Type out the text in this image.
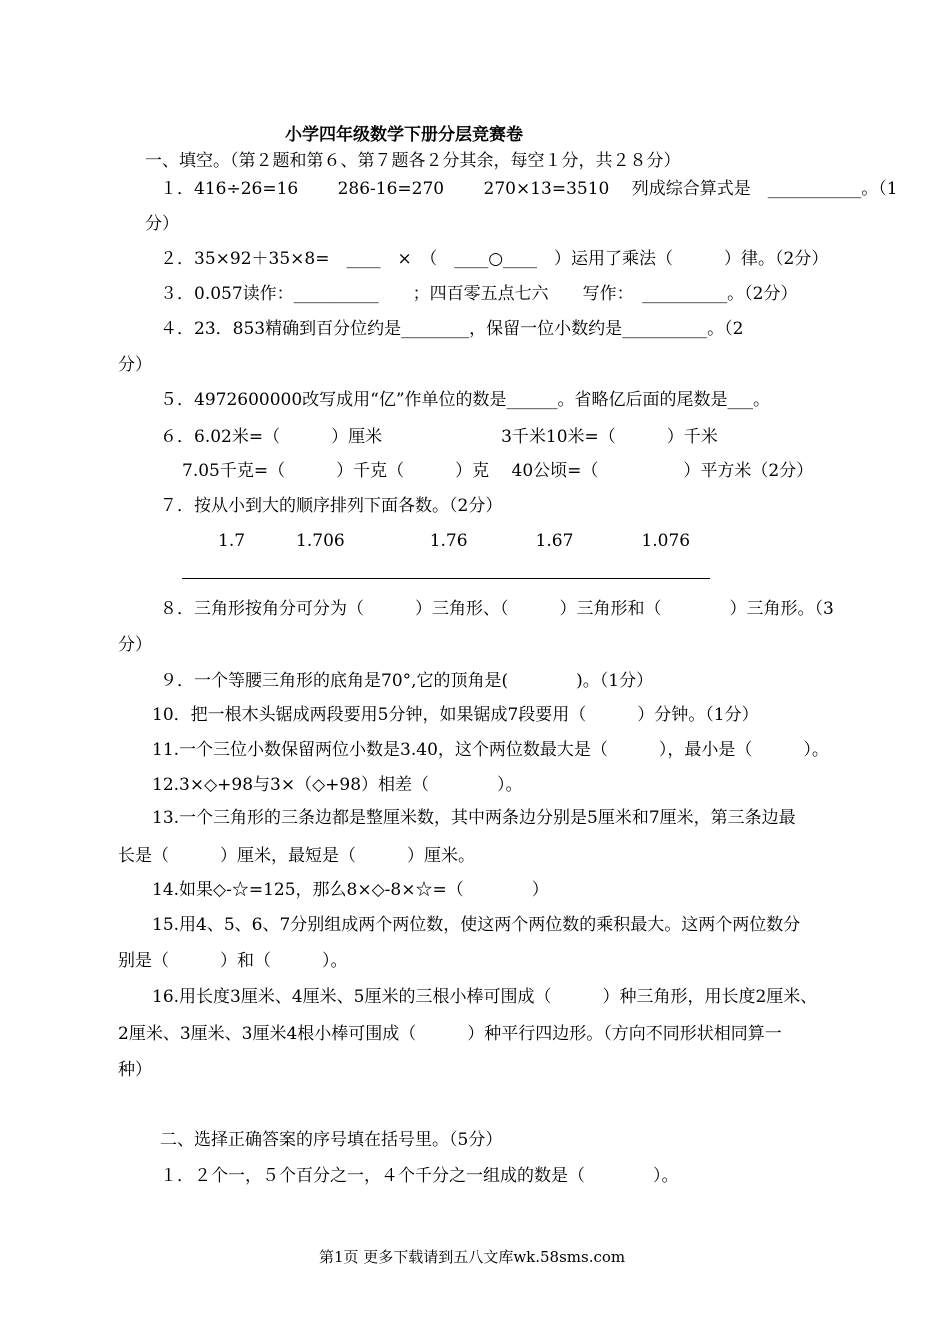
小学四年级数学下册分层竞赛卷
一、填空。（第２题和第６、第７题各２分其余，每空１分，共２８分）
１．416÷26=16　　 286-16=270　　 270×13=3510　 列成综合算式是　___________。（1
分）
２．35×92＋35×8=　____　×　（　____○____　）运用了乘法（　　　）律。（2分）
３．0.057读作：__________　　；四百零五点七六　　写作：　__________。（2分）
４．23．853精确到百分位约是________，保留一位小数约是__________。（2
分）
５．4972600000改写成用“亿”作单位的数是______。省略亿后面的尾数是___。
６．6.02米=（　　　）厘米　　　　　　　3千米10米=（　　　）千米
7.05千克=（　　　）千克（　　　）克　 40公顷=（　　　　　）平方米（2分）
７．按从小到大的顺序排列下面各数。（2分）
1.7　　　1.706　　　　　1.76　　　　1.67　　　　1.076
８．三角形按角分可分为（　　　）三角形、（　　　）三角形和（　　　　）三角形。（3
分）
９．一个等腰三角形的底角是70°,它的顶角是(　　　　)。（1分）
10．把一根木头锯成两段要用5分钟，如果锯成7段要用（　　　）分钟。（1分）
11.一个三位小数保留两位小数是3.40，这个两位数最大是（　　　），最小是（　　　）。
12.3×◇+98与3×（◇+98）相差（　　　　）。
13.一个三角形的三条边都是整厘米数，其中两条边分别是5厘米和7厘米，第三条边最
长是（　　　）厘米，最短是（　　　）厘米。
14.如果◇-☆=125，那么8×◇-8×☆=（　　　　）
15.用4、5、6、7分别组成两个两位数，使这两个两位数的乘积最大。这两个两位数分
别是（　　　）和（　　　）。
16.用长度3厘米、4厘米、5厘米的三根小棒可围成（　　　）种三角形，用长度2厘米、
2厘米、3厘米、3厘米4根小棒可围成（　　　）种平行四边形。（方向不同形状相同算一
种）
二、选择正确答案的序号填在括号里。（5分）
１．２个一，５个百分之一，４个千分之一组成的数是（　　　　）。
第1页 更多下载请到五八文库wk.58sms.com
